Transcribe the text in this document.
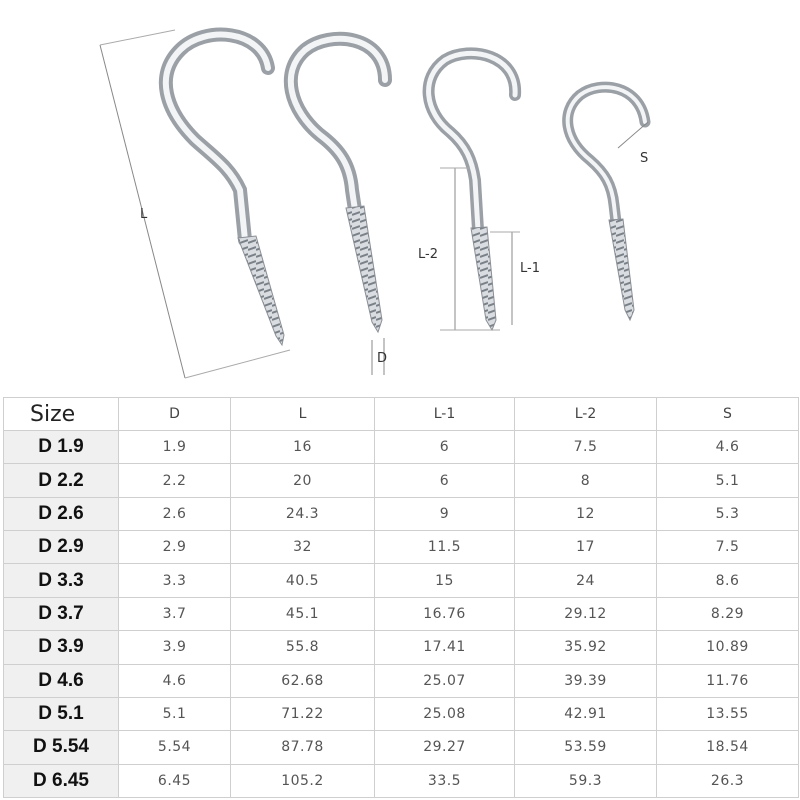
L
D
L-2
L-1
S
Size	D	L	L-1	L-2	S
D 1.9	1.9	16	6	7.5	4.6
D 2.2	2.2	20	6	8	5.1
D 2.6	2.6	24.3	9	12	5.3
D 2.9	2.9	32	11.5	17	7.5
D 3.3	3.3	40.5	15	24	8.6
D 3.7	3.7	45.1	16.76	29.12	8.29
D 3.9	3.9	55.8	17.41	35.92	10.89
D 4.6	4.6	62.68	25.07	39.39	11.76
D 5.1	5.1	71.22	25.08	42.91	13.55
D 5.54	5.54	87.78	29.27	53.59	18.54
D 6.45	6.45	105.2	33.5	59.3	26.3
